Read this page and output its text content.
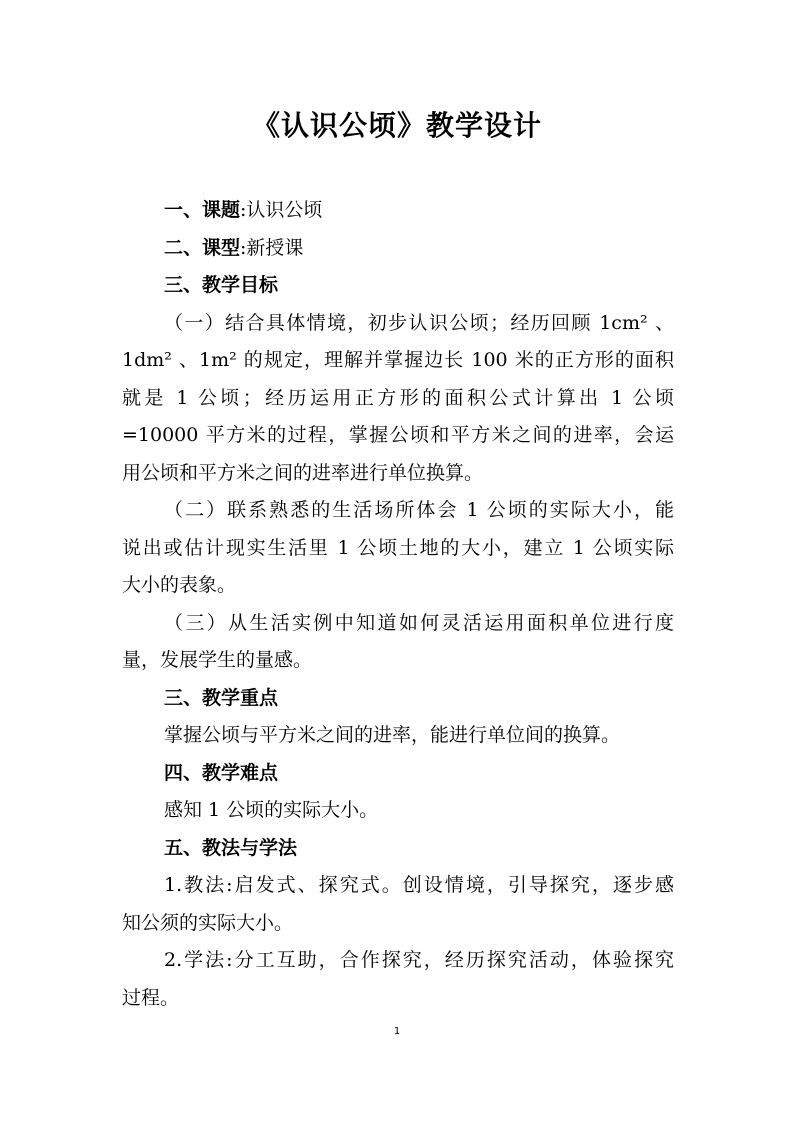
《认识公顷》教学设计
一、课题:认识公顷
二、课型:新授课
三、教学目标
（一）结合具体情境，初步认识公顷；经历回顾 1cm² 、
1dm² 、1m² 的规定，理解并掌握边长 100 米的正方形的面积
就是 1 公顷；经历运用正方形的面积公式计算出 1 公顷
=10000 平方米的过程，掌握公顷和平方米之间的进率，会运
用公顷和平方米之间的进率进行单位换算。
（二）联系熟悉的生活场所体会 1 公顷的实际大小，能
说出或估计现实生活里 1 公顷土地的大小，建立 1 公顷实际
大小的表象。
（三）从生活实例中知道如何灵活运用面积单位进行度
量，发展学生的量感。
三、教学重点
掌握公顷与平方米之间的进率，能进行单位间的换算。
四、教学难点
感知 1 公顷的实际大小。
五、教法与学法
1.教法:启发式、探究式。创设情境，引导探究，逐步感
知公须的实际大小。
2.学法:分工互助，合作探究，经历探究活动，体验探究
过程。
1
